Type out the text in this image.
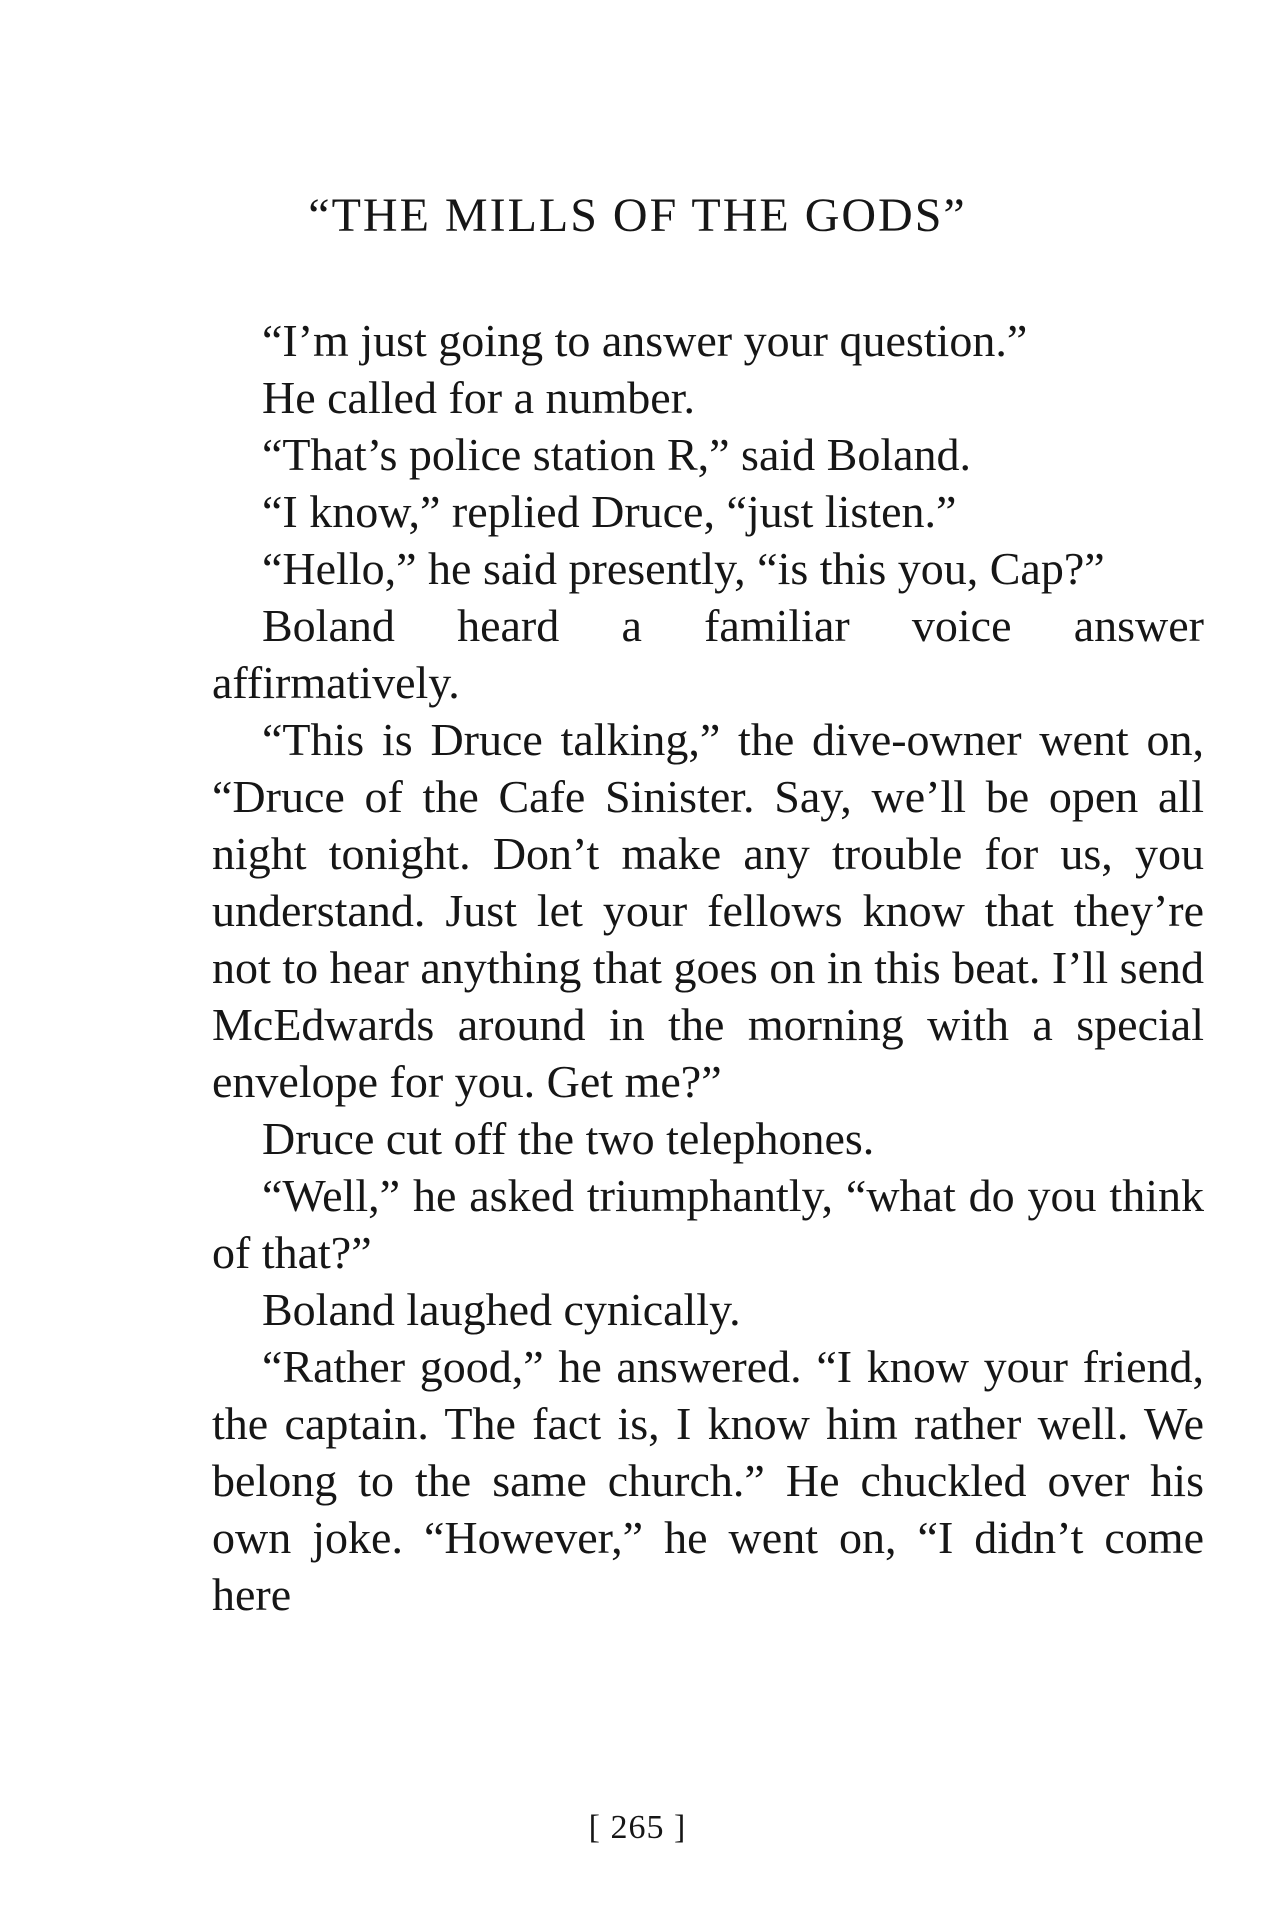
“THE MILLS OF THE GODS”

“I’m just going to answer your question.”

He called for a number.

“That’s police station R,” said Boland.

“I know,” replied Druce, “just listen.”

“Hello,” he said presently, “is this you, Cap?”

Boland heard a familiar voice answer affirmatively.

“This is Druce talking,” the dive-owner went on, “Druce of the Cafe Sinister. Say, we’ll be open all night tonight. Don’t make any trouble for us, you understand. Just let your fellows know that they’re not to hear anything that goes on in this beat. I’ll send McEdwards around in the morning with a special envelope for you. Get me?”

Druce cut off the two telephones.

“Well,” he asked triumphantly, “what do you think of that?”

Boland laughed cynically.

“Rather good,” he answered. “I know your friend, the captain. The fact is, I know him rather well. We belong to the same church.” He chuckled over his own joke. “However,” he went on, “I didn’t come here

[ 265 ]
